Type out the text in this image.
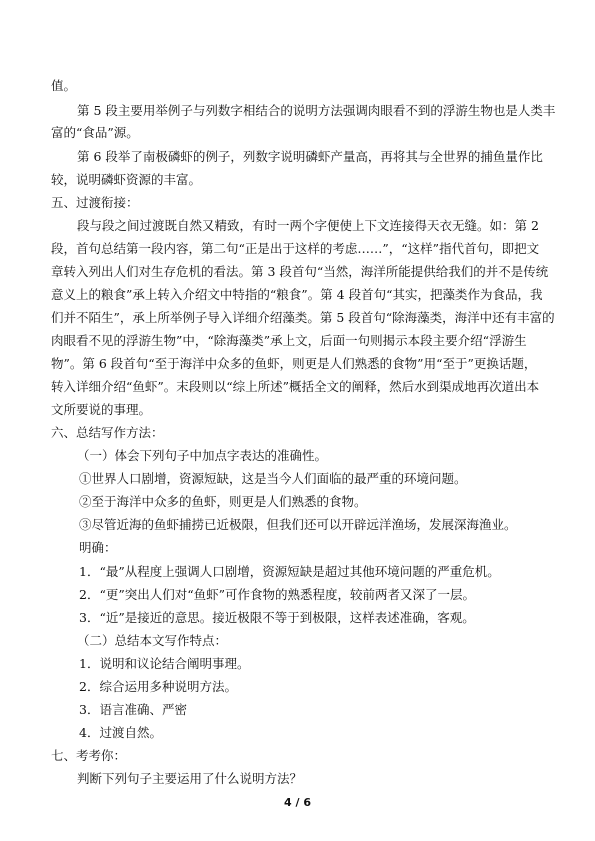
值。

第 5 段主要用举例子与列数字相结合的说明方法强调肉眼看不到的浮游生物也是人类丰

富的“食品”源。

第 6 段举了南极磷虾的例子，列数字说明磷虾产量高，再将其与全世界的捕鱼量作比

较，说明磷虾资源的丰富。

五、过渡衔接：

段与段之间过渡既自然又精致，有时一两个字便使上下文连接得天衣无缝。如：第 2

段，首句总结第一段内容，第二句“正是出于这样的考虑……”，“这样”指代首句，即把文

章转入列出人们对生存危机的看法。第 3 段首句“当然，海洋所能提供给我们的并不是传统

意义上的粮食”承上转入介绍文中特指的“粮食”。第 4 段首句“其实，把藻类作为食品，我

们并不陌生”，承上所举例子导入详细介绍藻类。第 5 段首句“除海藻类，海洋中还有丰富的

肉眼看不见的浮游生物”中，“除海藻类”承上文，后面一句则揭示本段主要介绍“浮游生

物”。第 6 段首句“至于海洋中众多的鱼虾，则更是人们熟悉的食物”用“至于”更换话题，

转入详细介绍“鱼虾”。末段则以“综上所述”概括全文的阐释，然后水到渠成地再次道出本

文所要说的事理。

六、总结写作方法：

（一）体会下列句子中加点字表达的准确性。

①世界人口剧增，资源短缺，这是当今人们面临的最严重的环境问题。

②至于海洋中众多的鱼虾，则更是人们熟悉的食物。

③尽管近海的鱼虾捕捞已近极限，但我们还可以开辟远洋渔场，发展深海渔业。

明确：

1．“最”从程度上强调人口剧增，资源短缺是超过其他环境问题的严重危机。

2．“更”突出人们对“鱼虾”可作食物的熟悉程度，较前两者又深了一层。

3．“近”是接近的意思。接近极限不等于到极限，这样表述准确，客观。

（二）总结本文写作特点：

1．说明和议论结合阐明事理。

2．综合运用多种说明方法。

3．语言准确、严密

4．过渡自然。

七、考考你：

判断下列句子主要运用了什么说明方法？

4 / 6
